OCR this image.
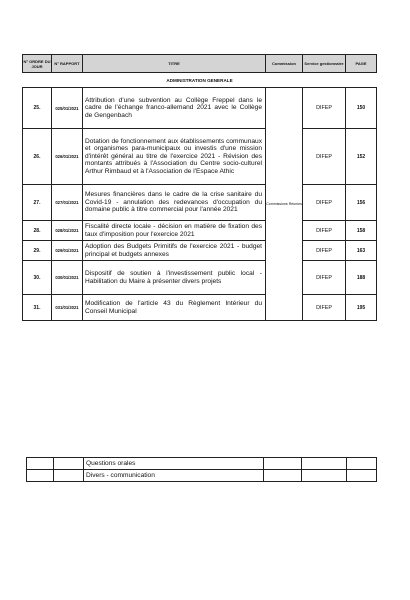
N° ORDRE DU JOUR	N° RAPPORT	TITRE	Commission	Service gestionnaire	PAGE
ADMINISTRATION GENERALE					
25.	025/01/2021	Attribution d'une subvention au Collège Freppel dans le cadre de l'échange franco-allemand 2021 avec le Collège de Gengenbach	Commissions Réunies	DIFEP	150
26.	026/01/2021	Dotation de fonctionnement aux établissements communaux et organismes para-municipaux ou investis d'une mission d'intérêt général au titre de l'exercice 2021 - Révision des montants attribués à l'Association du Centre socio-culturel Arthur Rimbaud et à l'Association de l'Espace Athic		DIFEP	152
27.	027/01/2021	Mesures financières dans le cadre de la crise sanitaire du Covid-19 - annulation des redevances d'occupation du domaine public à titre commercial pour l'année 2021		DIFEP	156
28.	028/01/2021	Fiscalité directe locale - décision en matière de fixation des taux d'imposition pour l'exercice 2021		DIFEP	158
29.	029/01/2021	Adoption des Budgets Primitifs de l'exercice 2021 - budget principal et budgets annexes		DIFEP	163
30.	030/01/2021	Dispositif de soutien à l'investissement public local - Habilitation du Maire à présenter divers projets		DIFEP	188
31.	031/01/2021	Modification de l'article 43 du Règlement Intérieur du Conseil Municipal		DIFEP	195
		Questions orales			
		Divers - communication			
